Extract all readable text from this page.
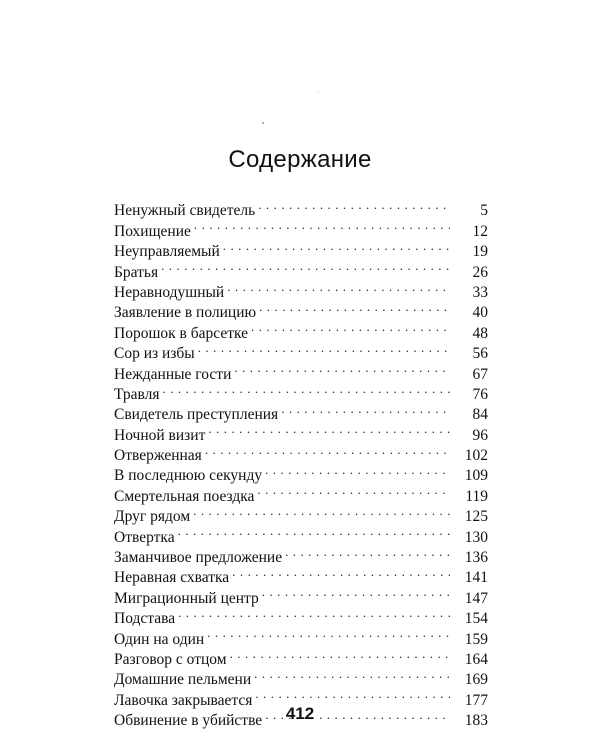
Содержание
Ненужный свидетель . . .	5
Похищение . . .	12
Неуправляемый . . .	19
Братья . . .	26
Неравнодушный . . .	33
Заявление в полицию . . .	40
Порошок в барсетке . . .	48
Сор из избы . . .	56
Нежданные гости . . .	67
Травля . . .	76
Свидетель преступления . . .	84
Ночной визит . . .	96
Отверженная . . .	102
В последнюю секунду . . .	109
Смертельная поездка . . .	119
Друг рядом . . .	125
Отвертка . . .	130
Заманчивое предложение . . .	136
Неравная схватка . . .	141
Миграционный центр . . .	147
Подстава . . .	154
Один на один . . .	159
Разговор с отцом . . .	164
Домашние пельмени . . .	169
Лавочка закрывается . . .	177
Обвинение в убийстве . . .	183
412
